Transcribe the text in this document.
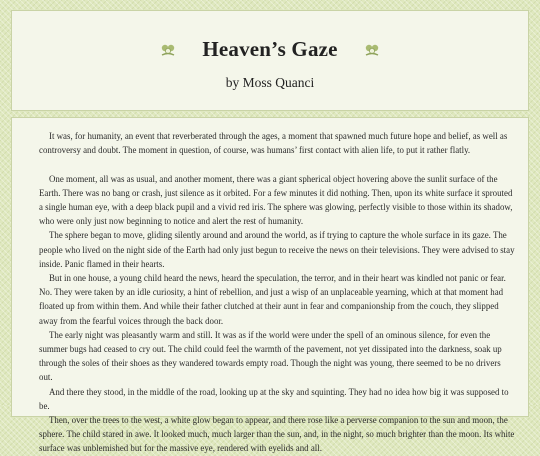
Heaven’s Gaze
by Moss Quanci

It was, for humanity, an event that reverberated through the ages, a moment that spawned much future hope and belief, as well as controversy and doubt. The moment in question, of course, was humans’ first contact with alien life, to put it rather flatly.

One moment, all was as usual, and another moment, there was a giant spherical object hovering above the sunlit surface of the Earth. There was no bang or crash, just silence as it orbited. For a few minutes it did nothing. Then, upon its white surface it sprouted a single human eye, with a deep black pupil and a vivid red iris. The sphere was glowing, perfectly visible to those within its shadow, who were only just now beginning to notice and alert the rest of humanity.

The sphere began to move, gliding silently around and around the world, as if trying to capture the whole surface in its gaze. The people who lived on the night side of the Earth had only just begun to receive the news on their televisions. They were advised to stay inside. Panic flamed in their hearts.

But in one house, a young child heard the news, heard the speculation, the terror, and in their heart was kindled not panic or fear. No. They were taken by an idle curiosity, a hint of rebellion, and just a wisp of an unplaceable yearning, which at that moment had floated up from within them. And while their father clutched at their aunt in fear and companionship from the couch, they slipped away from the fearful voices through the back door.

The early night was pleasantly warm and still. It was as if the world were under the spell of an ominous silence, for even the summer bugs had ceased to cry out. The child could feel the warmth of the pavement, not yet dissipated into the darkness, soak up through the soles of their shoes as they wandered towards empty road. Though the night was young, there seemed to be no drivers out.

And there they stood, in the middle of the road, looking up at the sky and squinting. They had no idea how big it was supposed to be.

Then, over the trees to the west, a white glow began to appear, and there rose like a perverse companion to the sun and moon, the sphere. The child stared in awe. It looked much, much larger than the sun, and, in the night, so much brighter than the moon. Its white surface was unblemished but for the massive eye, rendered with eyelids and all.
